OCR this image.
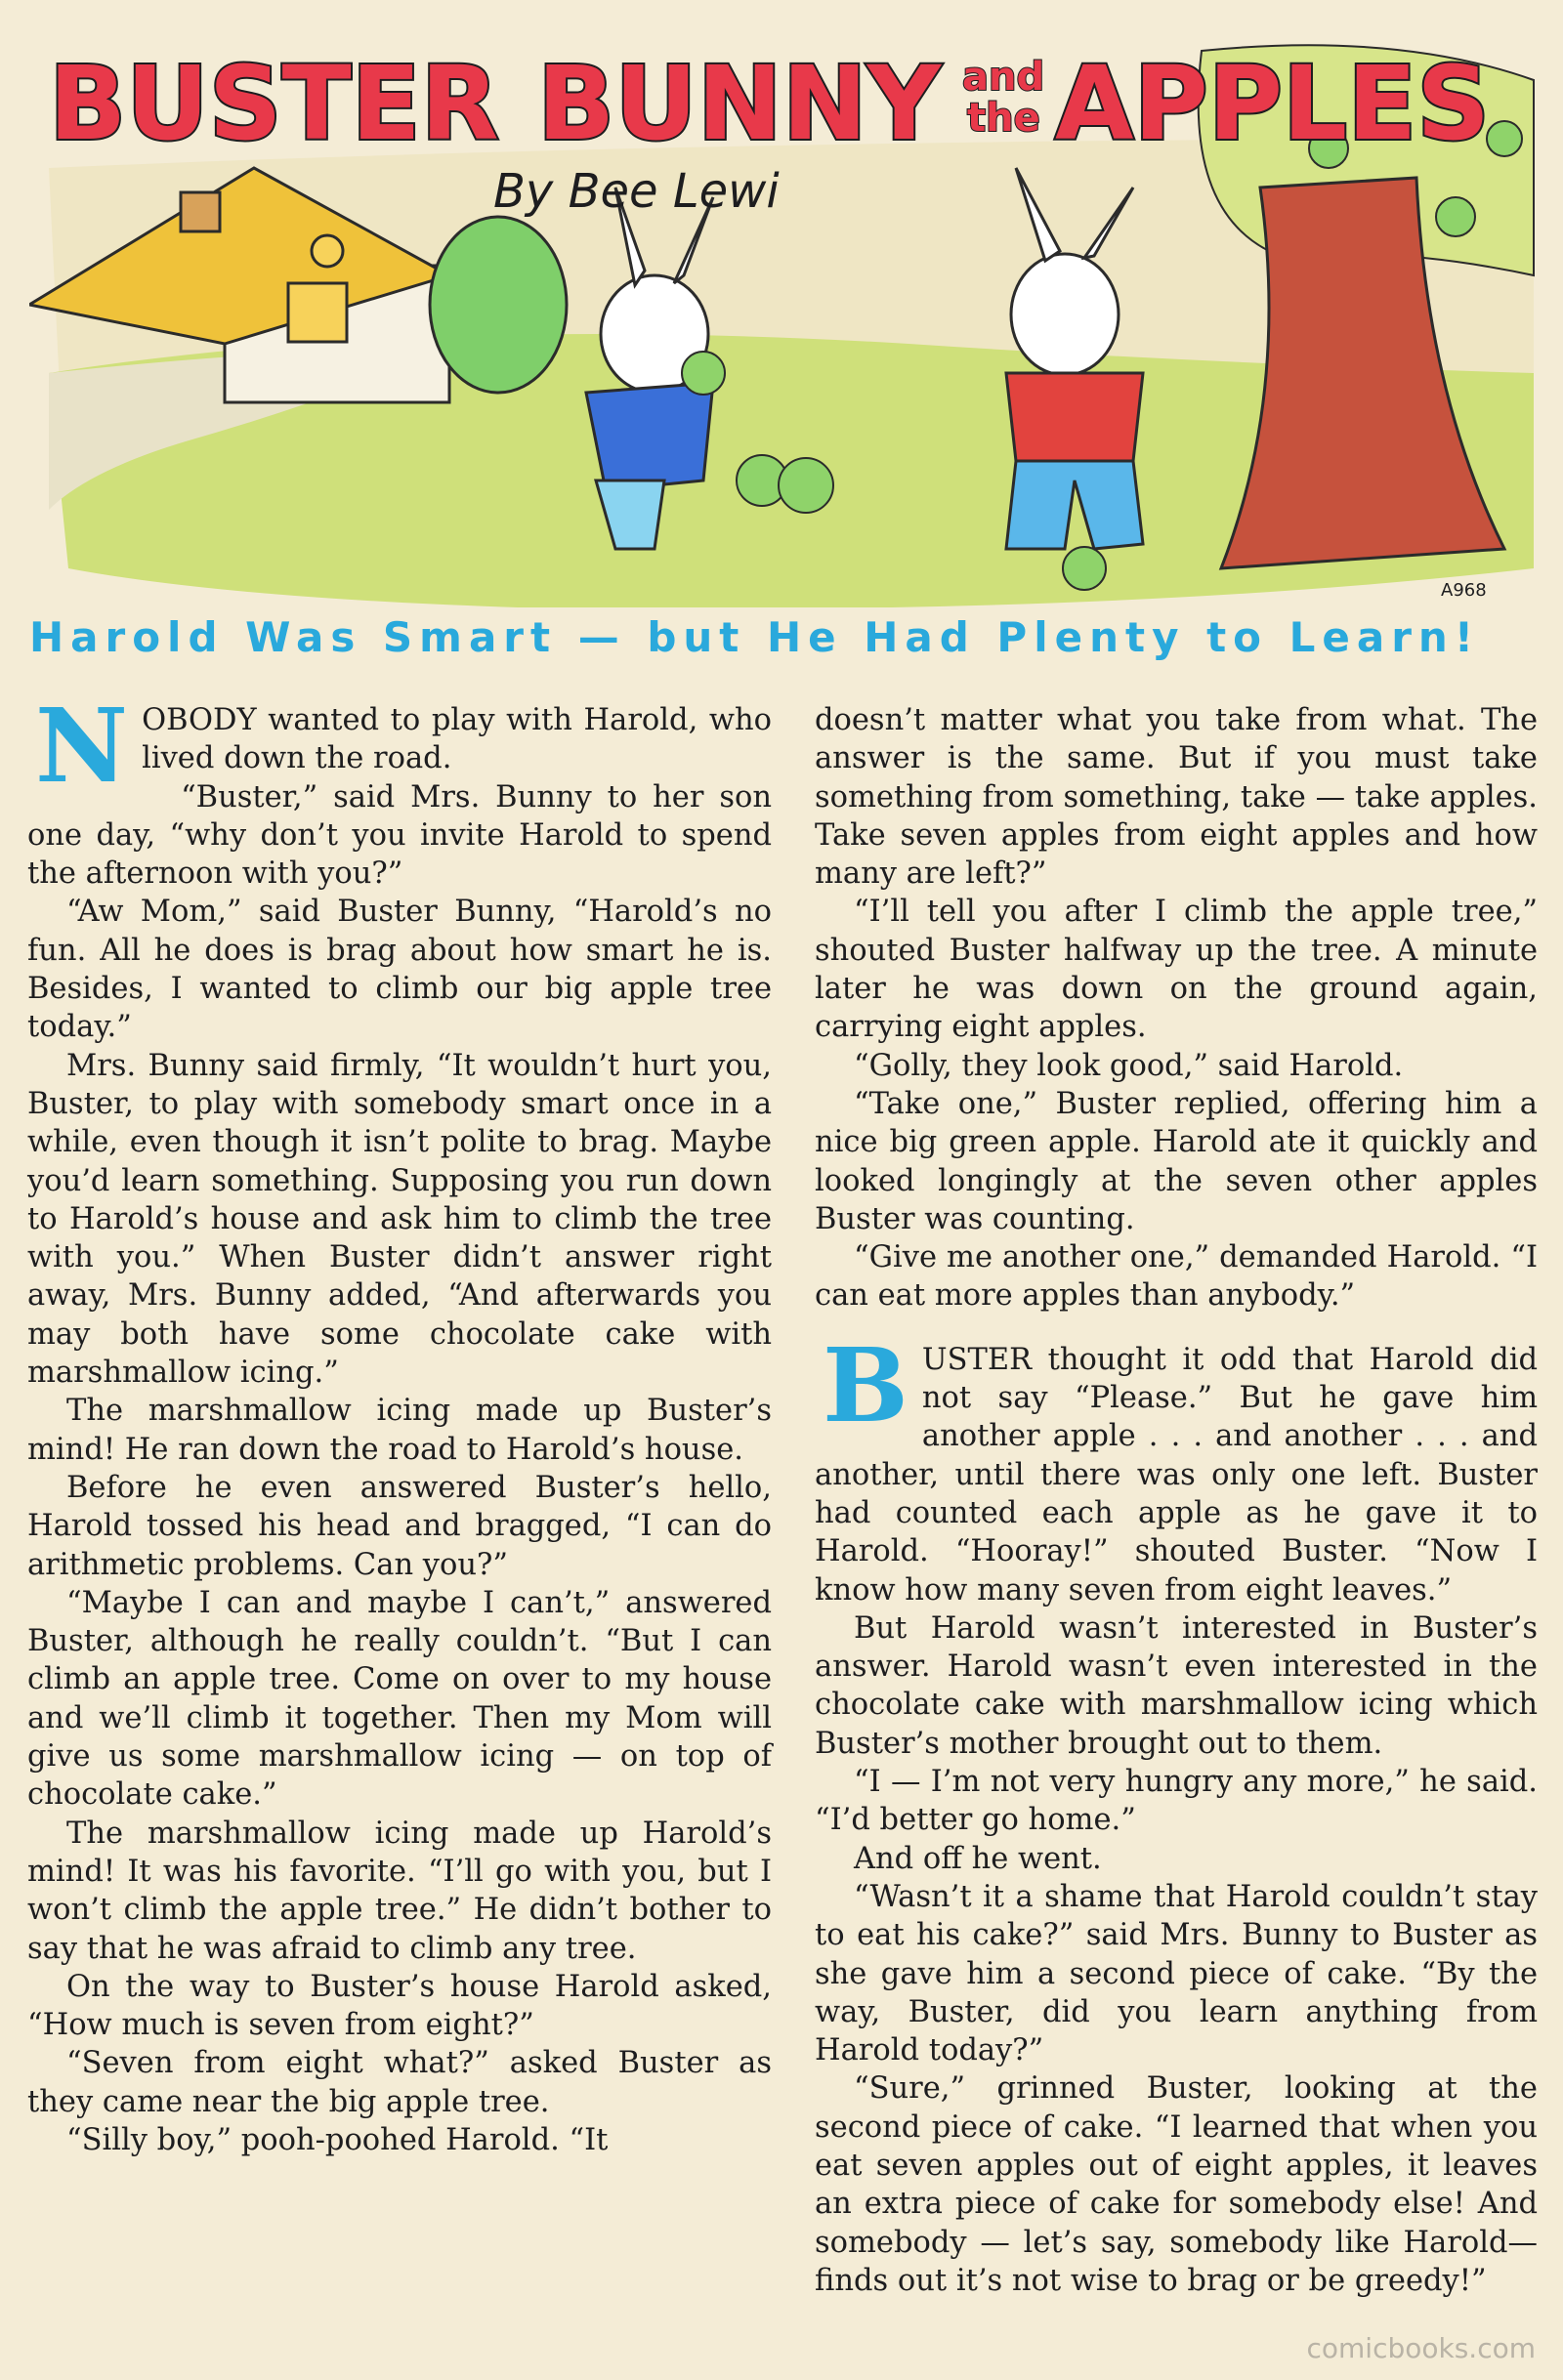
BUSTER BUNNY and
the APPLES
By Bee Lewi
A968
Harold Was Smart — but He Had Plenty to Learn!

NOBODY wanted to play with Harold, who lived down the road.

“Buster,” said Mrs. Bunny to her son one day, “why don’t you invite Harold to spend the afternoon with you?”

“Aw Mom,” said Buster Bunny, “Harold’s no fun. All he does is brag about how smart he is. Besides, I wanted to climb our big apple tree today.”

Mrs. Bunny said firmly, “It wouldn’t hurt you, Buster, to play with somebody smart once in a while, even though it isn’t polite to brag. Maybe you’d learn something. Supposing you run down to Harold’s house and ask him to climb the tree with you.” When Buster didn’t answer right away, Mrs. Bunny added, “And afterwards you may both have some chocolate cake with marshmallow icing.”

The marshmallow icing made up Buster’s mind! He ran down the road to Harold’s house.

Before he even answered Buster’s hello, Harold tossed his head and bragged, “I can do arithmetic problems. Can you?”

“Maybe I can and maybe I can’t,” answered Buster, although he really couldn’t. “But I can climb an apple tree. Come on over to my house and we’ll climb it together. Then my Mom will give us some marshmallow icing — on top of chocolate cake.”

The marshmallow icing made up Harold’s mind! It was his favorite. “I’ll go with you, but I won’t climb the apple tree.” He didn’t bother to say that he was afraid to climb any tree.

On the way to Buster’s house Harold asked, “How much is seven from eight?”

“Seven from eight what?” asked Buster as they came near the big apple tree.

“Silly boy,” pooh-poohed Harold. “It

doesn’t matter what you take from what. The answer is the same. But if you must take something from something, take — take apples. Take seven apples from eight apples and how many are left?”

“I’ll tell you after I climb the apple tree,” shouted Buster halfway up the tree. A minute later he was down on the ground again, carrying eight apples.

“Golly, they look good,” said Harold.

“Take one,” Buster replied, offering him a nice big green apple. Harold ate it quickly and looked longingly at the seven other apples Buster was counting.

“Give me another one,” demanded Harold. “I can eat more apples than anybody.”

BUSTER thought it odd that Harold did not say “Please.” But he gave him another apple . . . and another . . . and another, until there was only one left. Buster had counted each apple as he gave it to Harold. “Hooray!” shouted Buster. “Now I know how many seven from eight leaves.”

But Harold wasn’t interested in Buster’s answer. Harold wasn’t even interested in the chocolate cake with marshmallow icing which Buster’s mother brought out to them.

“I — I’m not very hungry any more,” he said. “I’d better go home.”

And off he went.

“Wasn’t it a shame that Harold couldn’t stay to eat his cake?” said Mrs. Bunny to Buster as she gave him a second piece of cake. “By the way, Buster, did you learn anything from Harold today?”

“Sure,” grinned Buster, looking at the second piece of cake. “I learned that when you eat seven apples out of eight apples, it leaves an extra piece of cake for somebody else! And somebody — let’s say, somebody like Harold—finds out it’s not wise to brag or be greedy!”

comicbooks.com
